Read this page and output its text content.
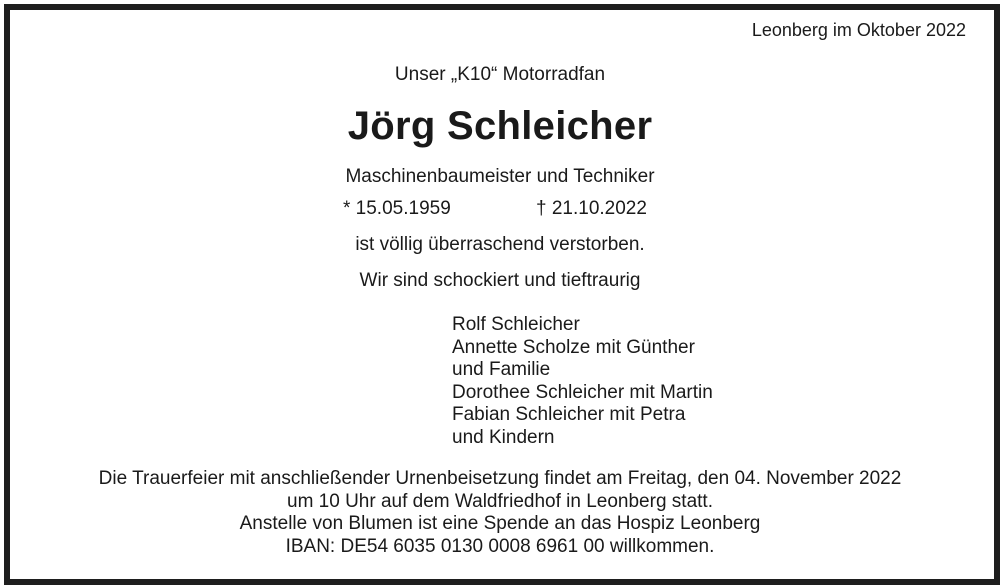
Leonberg im Oktober 2022
Unser „K10“ Motorradfan
Jörg Schleicher
Maschinenbaumeister und Techniker
* 15.05.1959	† 21.10.2022
ist völlig überraschend verstorben.
Wir sind schockiert und tieftraurig
Rolf Schleicher
Annette Scholze mit Günther
und Familie
Dorothee Schleicher mit Martin
Fabian Schleicher mit Petra
und Kindern
Die Trauerfeier mit anschließender Urnenbeisetzung findet am Freitag, den 04. November 2022
um 10 Uhr auf dem Waldfriedhof in Leonberg statt.
Anstelle von Blumen ist eine Spende an das Hospiz Leonberg
IBAN: DE54 6035 0130 0008 6961 00 willkommen.
